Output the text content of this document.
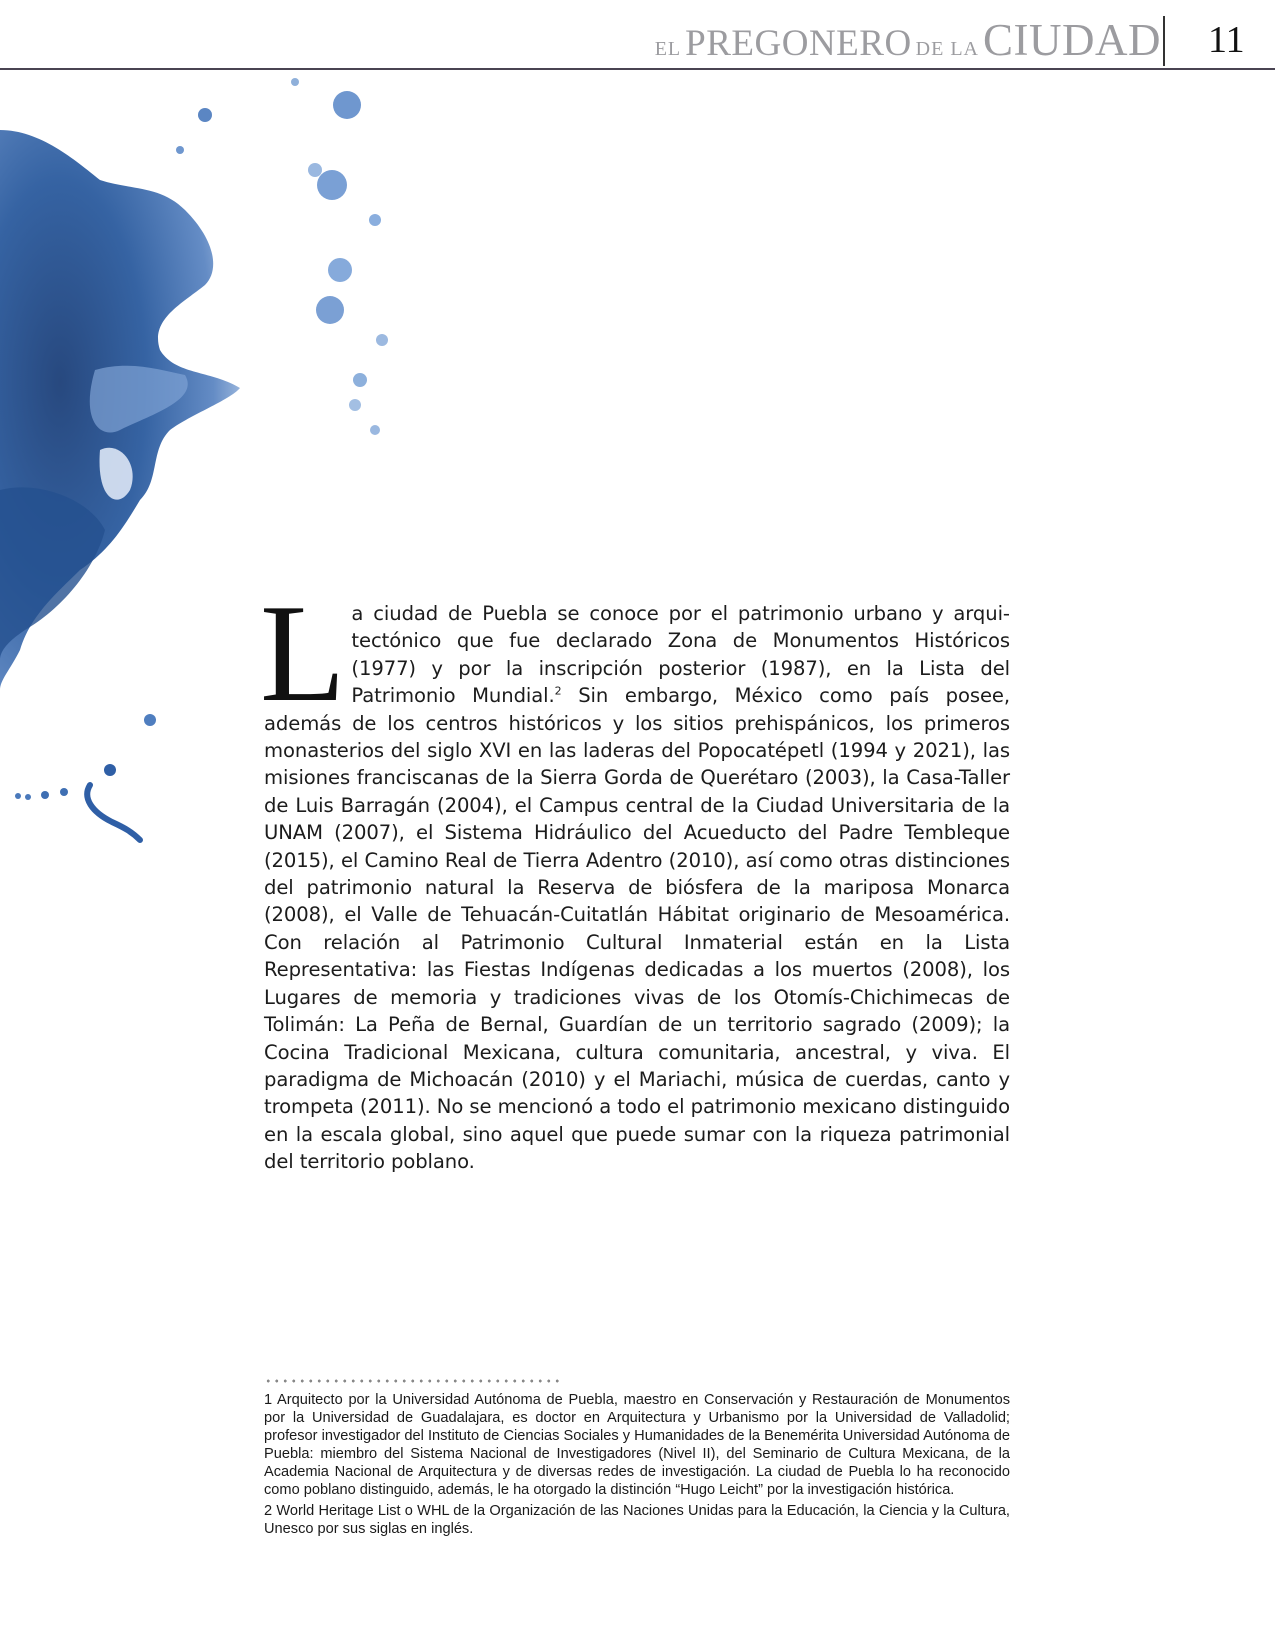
EL PREGONERO DE LA CIUDAD 11
La ciudad de Puebla se conoce por el patrimonio urbano y arquitectónico que fue declarado Zona de Monumentos Históricos (1977) y por la inscripción posterior (1987), en la Lista del Patrimonio Mundial.$^2$ Sin embargo, México como país posee, además de los centros históricos y los sitios prehispánicos, los primeros monasterios del siglo XVI en las laderas del Popocatépetl (1994 y 2021), las misiones franciscanas de la Sierra Gorda de Querétaro (2003), la Casa-Taller de Luis Barragán (2004), el Campus central de la Ciudad Universitaria de la UNAM (2007), el Sistema Hidráulico del Acueducto del Padre Tembleque (2015), el Camino Real de Tierra Adentro (2010), así como otras distinciones del patrimonio natural la Reserva de biósfera de la mariposa Monarca (2008), el Valle de Tehuacán-Cuitatlán Hábitat originario de Mesoamérica. Con relación al Patrimonio Cultural Inmaterial están en la Lista Representativa: las Fiestas Indígenas dedicadas a los muertos (2008), los Lugares de memoria y tradiciones vivas de los Otomís-Chichimecas de Tolimán: La Peña de Bernal, Guardían de un territorio sagrado (2009); la Cocina Tradicional Mexicana, cultura comunitaria, ancestral, y viva. El paradigma de Michoacán (2010) y el Mariachi, música de cuerdas, canto y trompeta (2011). No se mencionó a todo el patrimonio mexicano distinguido en la escala global, sino aquel que puede sumar con la riqueza patrimonial del territorio poblano.

1 Arquitecto por la Universidad Autónoma de Puebla, maestro en Conservación y Restauración de Monumentos por la Universidad de Guadalajara, es doctor en Arquitectura y Urbanismo por la Universidad de Valladolid; profesor investigador del Instituto de Ciencias Sociales y Humanidades de la Benemérita Universidad Autónoma de Puebla: miembro del Sistema Nacional de Investigadores (Nivel II), del Seminario de Cultura Mexicana, de la Academia Nacional de Arquitectura y de diversas redes de investigación. La ciudad de Puebla lo ha reconocido como poblano distinguido, además, le ha otorgado la distinción “Hugo Leicht” por la investigación histórica.

2 World Heritage List o WHL de la Organización de las Naciones Unidas para la Educación, la Ciencia y la Cultura, Unesco por sus siglas en inglés.
